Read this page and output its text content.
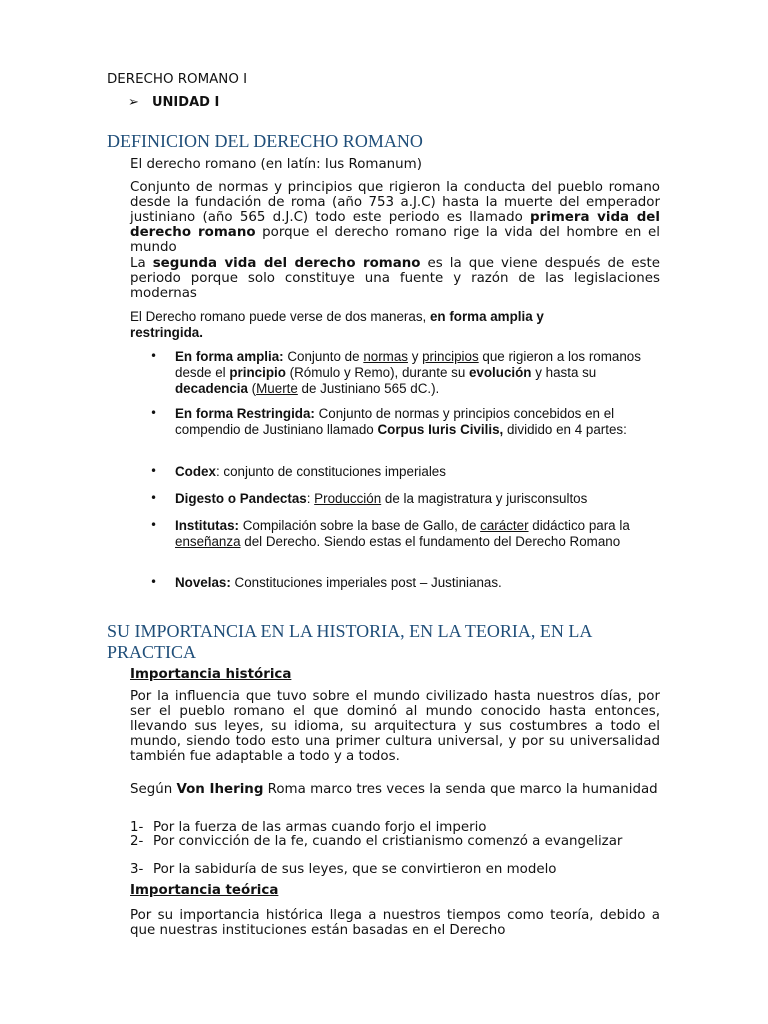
DERECHO ROMANO I
➢ UNIDAD I
DEFINICION DEL DERECHO ROMANO
El derecho romano (en latín: Ius Romanum)
Conjunto de normas y principios que rigieron la conducta del pueblo romano desde la fundación de roma (año 753 a.J.C) hasta la muerte del emperador justiniano (año 565 d.J.C) todo este periodo es llamado primera vida del derecho romano porque el derecho romano rige la vida del hombre en el mundo
La segunda vida del derecho romano es la que viene después de este periodo porque solo constituye una fuente y razón de las legislaciones modernas
El Derecho romano puede verse de dos maneras, en forma amplia y restringida.
• En forma amplia: Conjunto de normas y principios que rigieron a los romanos desde el principio (Rómulo y Remo), durante su evolución y hasta su decadencia (Muerte de Justiniano 565 dC.).
• En forma Restringida: Conjunto de normas y principios concebidos en el compendio de Justiniano llamado Corpus Iuris Civilis, dividido en 4 partes:
• Codex: conjunto de constituciones imperiales
• Digesto o Pandectas: Producción de la magistratura y jurisconsultos
• Institutas: Compilación sobre la base de Gallo, de carácter didáctico para la enseñanza del Derecho. Siendo estas el fundamento del Derecho Romano
• Novelas: Constituciones imperiales post – Justinianas.
SU IMPORTANCIA EN LA HISTORIA, EN LA TEORIA, EN LA PRACTICA
Importancia histórica
Por la influencia que tuvo sobre el mundo civilizado hasta nuestros días, por ser el pueblo romano el que dominó al mundo conocido hasta entonces, llevando sus leyes, su idioma, su arquitectura y sus costumbres a todo el mundo, siendo todo esto una primer cultura universal, y por su universalidad también fue adaptable a todo y a todos.
Según Von Ihering Roma marco tres veces la senda que marco la humanidad
1- Por la fuerza de las armas cuando forjo el imperio
2- Por convicción de la fe, cuando el cristianismo comenzó a evangelizar
3- Por la sabiduría de sus leyes, que se convirtieron en modelo
Importancia teórica
Por su importancia histórica llega a nuestros tiempos como teoría, debido a que nuestras instituciones están basadas en el Derecho
